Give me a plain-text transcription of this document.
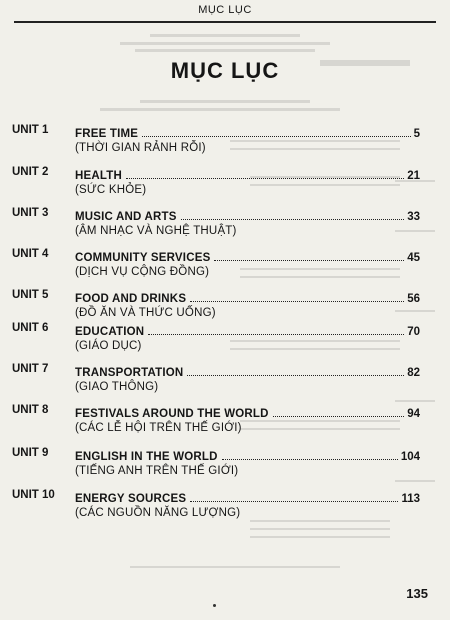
MỤC LỤC
MỤC LỤC
UNIT 1	FREE TIME	5
(THỜI GIAN RẢNH RỖI)
UNIT 2	HEALTH	21
(SỨC KHỎE)
UNIT 3	MUSIC AND ARTS	33
(ÂM NHẠC VÀ NGHỆ THUẬT)
UNIT 4	COMMUNITY SERVICES	45
(DỊCH VỤ CỘNG ĐỒNG)
UNIT 5	FOOD AND DRINKS	56
(ĐỒ ĂN VÀ THỨC UỐNG)
UNIT 6	EDUCATION	70
(GIÁO DỤC)
UNIT 7	TRANSPORTATION	82
(GIAO THÔNG)
UNIT 8	FESTIVALS AROUND THE WORLD	94
(CÁC LỄ HỘI TRÊN THẾ GIỚI)
UNIT 9	ENGLISH IN THE WORLD	104
(TIẾNG ANH TRÊN THẾ GIỚI)
UNIT 10	ENERGY SOURCES	113
(CÁC NGUỒN NĂNG LƯỢNG)
135
